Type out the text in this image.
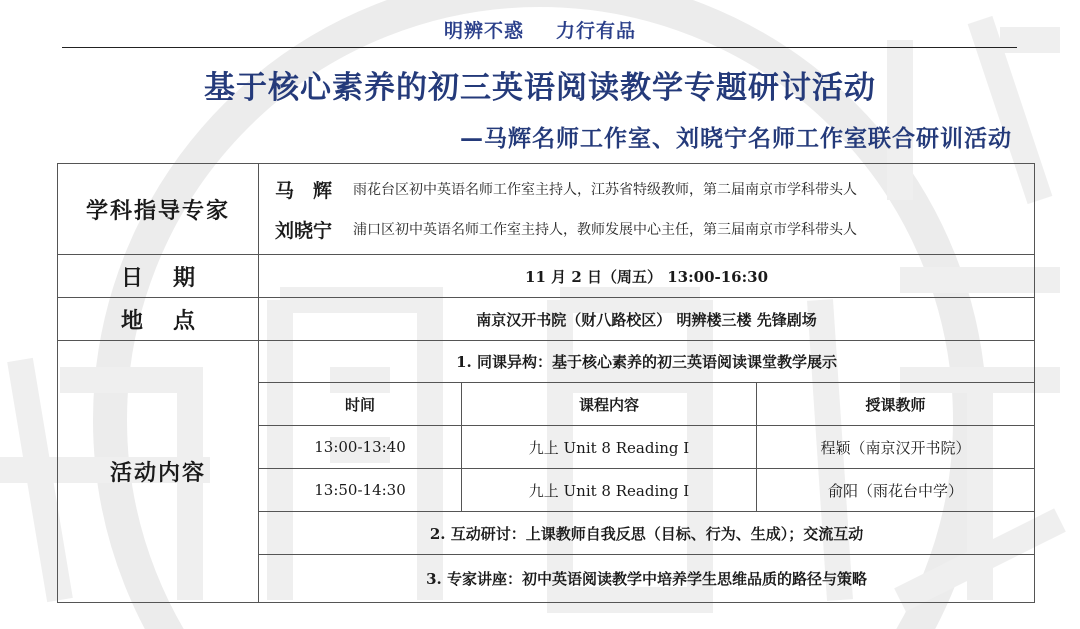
明辨不惑 力行有品
基于核心素养的初三英语阅读教学专题研讨活动
—马辉名师工作室、刘晓宁名师工作室联合研训活动
学科指导专家	马　辉 雨花台区初中英语名师工作室主持人，江苏省特级教师，第二届南京市学科带头人
刘晓宁 浦口区初中英语名师工作室主持人，教师发展中心主任，第三届南京市学科带头人		

日期	11 月 2 日（周五） 13:00-16:30		
地点	南京汉开书院（财八路校区） 明辨楼三楼 先锋剧场		
活动内容	1. 同课异构：基于核心素养的初三英语阅读课堂教学展示		
	时间	课程内容	授课教师
	13:00-13:40	九上 Unit 8 Reading I	程颖（南京汉开书院）
	13:50-14:30	九上 Unit 8 Reading I	俞阳（雨花台中学）
	2. 互动研讨：上课教师自我反思（目标、行为、生成）；交流互动		
	3. 专家讲座：初中英语阅读教学中培养学生思维品质的路径与策略		
